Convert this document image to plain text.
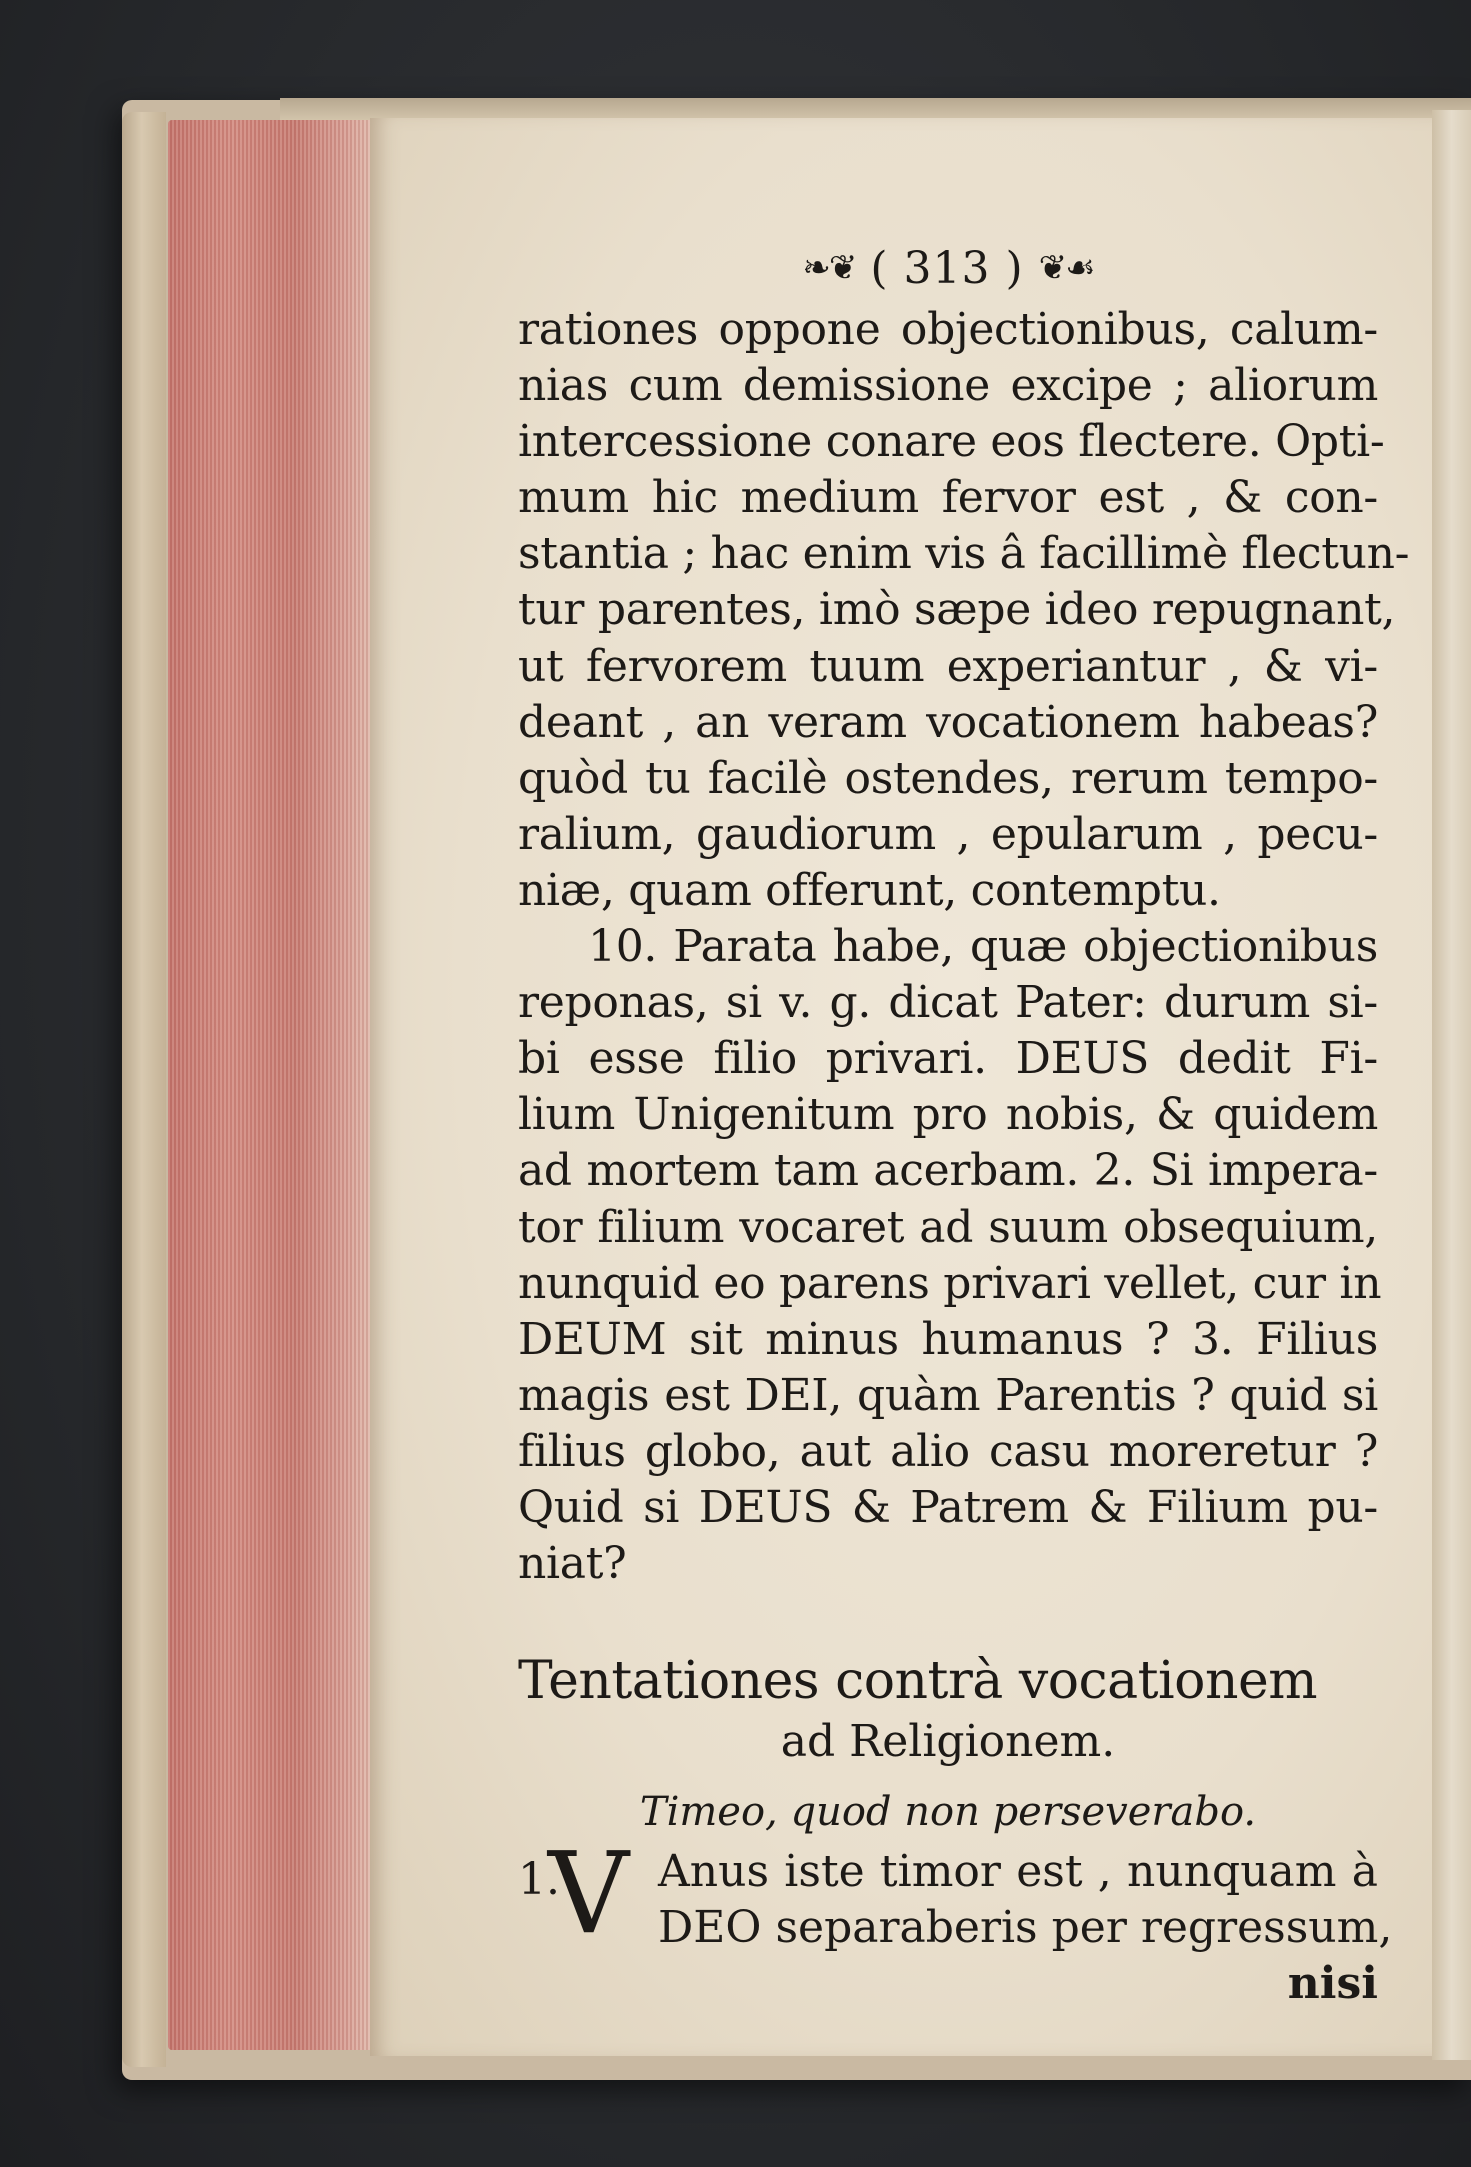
❧❦ ( 313 ) ❦☙
rationes oppone objectionibus, calum-
nias cum demissione excipe ; aliorum
intercessione conare eos flectere. Opti-
mum hic medium fervor est , & con-
stantia ; hac enim vis â facillimè flectun-
tur parentes, imò sæpe ideo repugnant,
ut fervorem tuum experiantur , & vi-
deant , an veram vocationem habeas?
quòd tu facilè ostendes, rerum tempo-
ralium, gaudiorum , epularum , pecu-
niæ, quam offerunt, contemptu.
10. Parata habe, quæ objectionibus
reponas, si v. g. dicat Pater: durum si-
bi esse filio privari. DEUS dedit Fi-
lium Unigenitum pro nobis, & quidem
ad mortem tam acerbam. 2. Si impera-
tor filium vocaret ad suum obsequium,
nunquid eo parens privari vellet, cur in
DEUM sit minus humanus ? 3. Filius
magis est DEI, quàm Parentis ? quid si
filius globo, aut alio casu moreretur ?
Quid si DEUS & Patrem & Filium pu-
niat?
Tentationes contrà vocationem
ad Religionem.
Timeo, quod non perseverabo.
1.
V Anus iste timor est , nunquam à
DEO separaberis per regressum,
nisi
